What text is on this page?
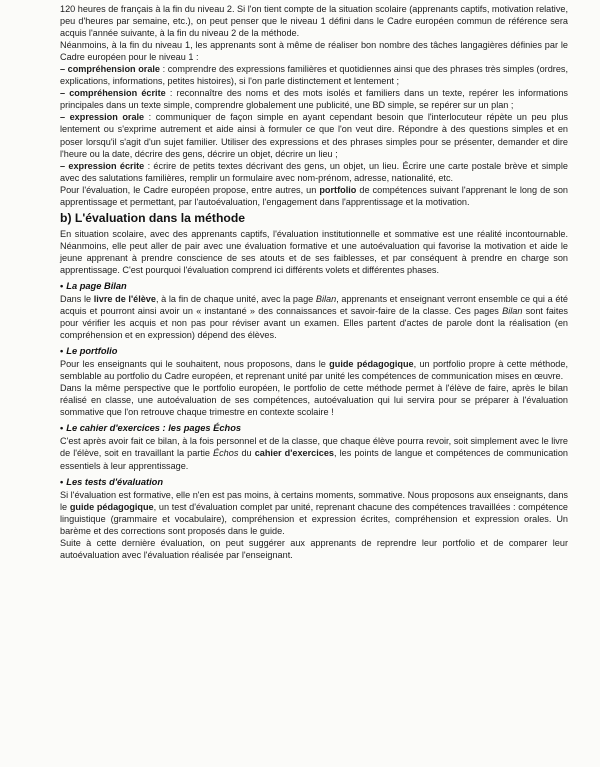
120 heures de français à la fin du niveau 2. Si l'on tient compte de la situation scolaire (apprenants captifs, motivation relative, peu d'heures par semaine, etc.), on peut penser que le niveau 1 défini dans le Cadre européen commun de référence sera acquis l'année suivante, à la fin du niveau 2 de la méthode.

Néanmoins, à la fin du niveau 1, les apprenants sont à même de réaliser bon nombre des tâches langagières définies par le Cadre européen pour le niveau 1 :

– compréhension orale : comprendre des expressions familières et quotidiennes ainsi que des phrases très simples (ordres, explications, informations, petites histoires), si l'on parle distinctement et lentement ;

– compréhension écrite : reconnaître des noms et des mots isolés et familiers dans un texte, repérer les informations principales dans un texte simple, comprendre globalement une publicité, une BD simple, se repérer sur un plan ;

– expression orale : communiquer de façon simple en ayant cependant besoin que l'interlocuteur répète un peu plus lentement ou s'exprime autrement et aide ainsi à formuler ce que l'on veut dire. Répondre à des questions simples et en poser lorsqu'il s'agit d'un sujet familier. Utiliser des expressions et des phrases simples pour se présenter, demander et dire l'heure ou la date, décrire des gens, décrire un objet, décrire un lieu ;

– expression écrite : écrire de petits textes décrivant des gens, un objet, un lieu. Écrire une carte postale brève et simple avec des salutations familières, remplir un formulaire avec nom-prénom, adresse, nationalité, etc.

Pour l'évaluation, le Cadre européen propose, entre autres, un portfolio de compétences suivant l'apprenant le long de son apprentissage et permettant, par l'autoévaluation, l'engagement dans l'apprentissage et la motivation.

b) L'évaluation dans la méthode

En situation scolaire, avec des apprenants captifs, l'évaluation institutionnelle et sommative est une réalité incontournable. Néanmoins, elle peut aller de pair avec une évaluation formative et une autoévaluation qui favorise la motivation et aide le jeune apprenant à prendre conscience de ses atouts et de ses faiblesses, et par conséquent à prendre en charge son apprentissage. C'est pourquoi l'évaluation comprend ici différents volets et différentes phases.

• La page Bilan

Dans le livre de l'élève, à la fin de chaque unité, avec la page Bilan, apprenants et enseignant verront ensemble ce qui a été acquis et pourront ainsi avoir un « instantané » des connaissances et savoir-faire de la classe. Ces pages Bilan sont faites pour vérifier les acquis et non pas pour réviser avant un examen. Elles partent d'actes de parole dont la réalisation (en compréhension et en expression) dépend des élèves.

• Le portfolio

Pour les enseignants qui le souhaitent, nous proposons, dans le guide pédagogique, un portfolio propre à cette méthode, semblable au portfolio du Cadre européen, et reprenant unité par unité les compétences de communication mises en œuvre.

Dans la même perspective que le portfolio européen, le portfolio de cette méthode permet à l'élève de faire, après le bilan réalisé en classe, une autoévaluation de ses compétences, autoévaluation qui lui servira pour se préparer à l'évaluation sommative que l'on retrouve chaque trimestre en contexte scolaire !

• Le cahier d'exercices : les pages Échos

C'est après avoir fait ce bilan, à la fois personnel et de la classe, que chaque élève pourra revoir, soit simplement avec le livre de l'élève, soit en travaillant la partie Échos du cahier d'exercices, les points de langue et compétences de communication essentiels à leur apprentissage.

• Les tests d'évaluation

Si l'évaluation est formative, elle n'en est pas moins, à certains moments, sommative. Nous proposons aux enseignants, dans le guide pédagogique, un test d'évaluation complet par unité, reprenant chacune des compétences travaillées : compétence linguistique (grammaire et vocabulaire), compréhension et expression écrites, compréhension et expression orales. Un barème et des corrections sont proposés dans le guide.

Suite à cette dernière évaluation, on peut suggérer aux apprenants de reprendre leur portfolio et de comparer leur autoévaluation avec l'évaluation réalisée par l'enseignant.
